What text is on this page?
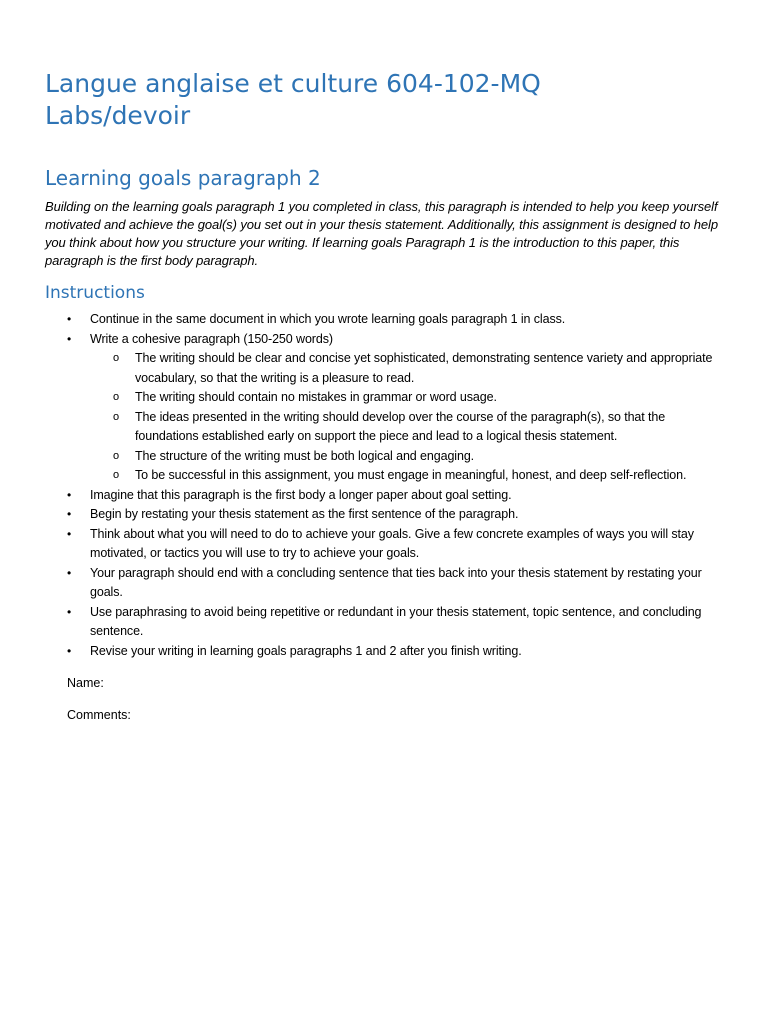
Langue anglaise et culture 604-102-MQ
Labs/devoir
Learning goals paragraph 2

Building on the learning goals paragraph 1 you completed in class, this paragraph is intended to help you keep yourself motivated and achieve the goal(s) you set out in your thesis statement. Additionally, this assignment is designed to help you think about how you structure your writing. If learning goals Paragraph 1 is the introduction to this paper, this paragraph is the first body paragraph.

Instructions
• Continue in the same document in which you wrote learning goals paragraph 1 in class.
• Write a cohesive paragraph (150-250 words)
o The writing should be clear and concise yet sophisticated, demonstrating sentence variety and appropriate vocabulary, so that the writing is a pleasure to read.
o The writing should contain no mistakes in grammar or word usage.
o The ideas presented in the writing should develop over the course of the paragraph(s), so that the foundations established early on support the piece and lead to a logical thesis statement.
o The structure of the writing must be both logical and engaging.
o To be successful in this assignment, you must engage in meaningful, honest, and deep self-reflection.
• Imagine that this paragraph is the first body a longer paper about goal setting.
• Begin by restating your thesis statement as the first sentence of the paragraph.
• Think about what you will need to do to achieve your goals. Give a few concrete examples of ways you will stay motivated, or tactics you will use to try to achieve your goals.
• Your paragraph should end with a concluding sentence that ties back into your thesis statement by restating your goals.
• Use paraphrasing to avoid being repetitive or redundant in your thesis statement, topic sentence, and concluding sentence.
• Revise your writing in learning goals paragraphs 1 and 2 after you finish writing.

Name:

Comments:
